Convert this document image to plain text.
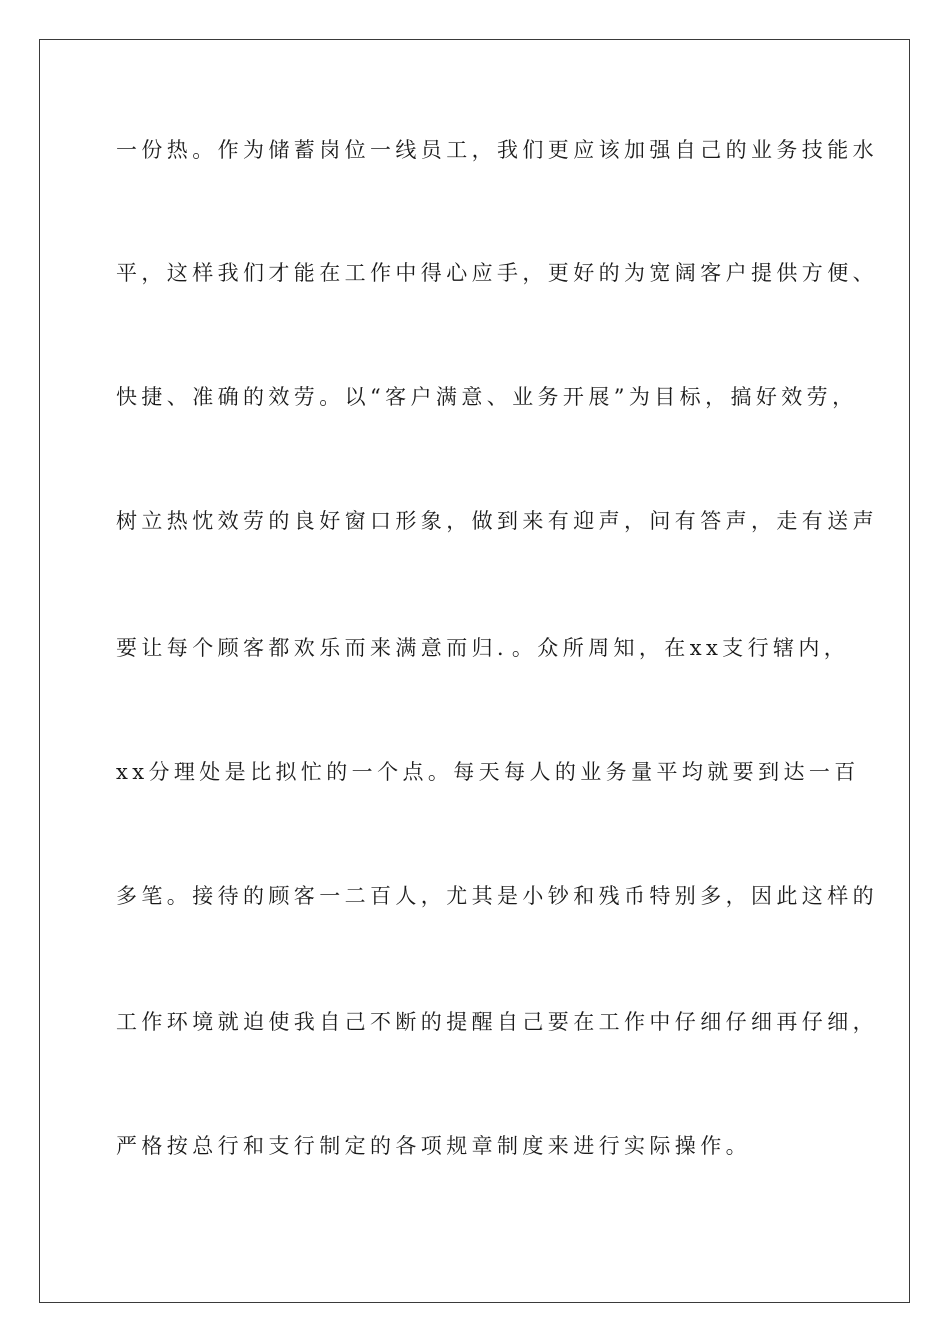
一份热。作为储蓄岗位一线员工，我们更应该加强自己的业务技能水
平，这样我们才能在工作中得心应手，更好的为宽阔客户提供方便、
快捷、准确的效劳。以“客户满意、业务开展”为目标，搞好效劳，
树立热忱效劳的良好窗口形象，做到来有迎声，问有答声，走有送声
要让每个顾客都欢乐而来满意而归．。众所周知，在xx支行辖内，
xx分理处是比拟忙的一个点。每天每人的业务量平均就要到达一百
多笔。接待的顾客一二百人，尤其是小钞和残币特别多，因此这样的
工作环境就迫使我自己不断的提醒自己要在工作中仔细仔细再仔细，
严格按总行和支行制定的各项规章制度来进行实际操作。
